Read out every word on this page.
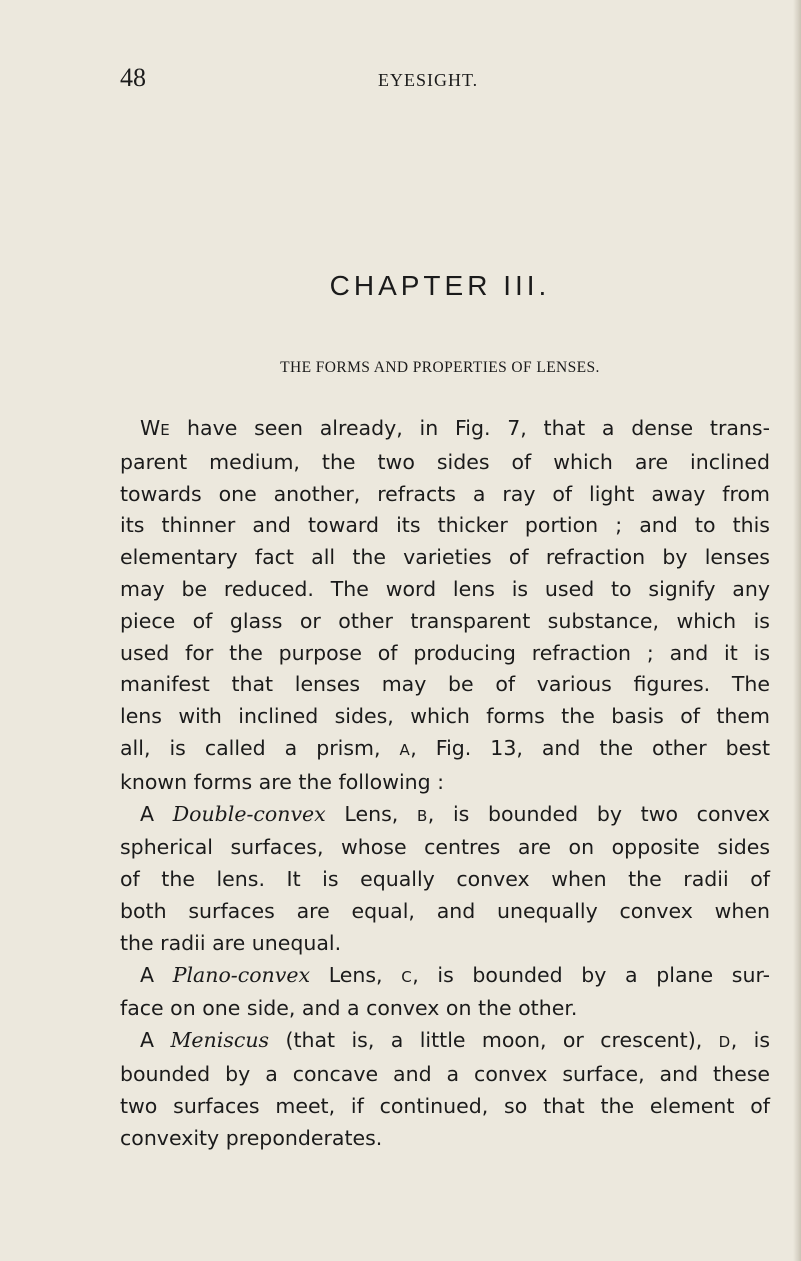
48	EYESIGHT.
CHAPTER III.
THE FORMS AND PROPERTIES OF LENSES.
WE have seen already, in Fig. 7, that a dense trans-
parent medium, the two sides of which are inclined
towards one another, refracts a ray of light away from
its thinner and toward its thicker portion ; and to this
elementary fact all the varieties of refraction by lenses
may be reduced. The word lens is used to signify any
piece of glass or other transparent substance, which is
used for the purpose of producing refraction ; and it is
manifest that lenses may be of various figures. The
lens with inclined sides, which forms the basis of them
all, is called a prism, A, Fig. 13, and the other best
known forms are the following :
A Double-convex Lens, B, is bounded by two convex
spherical surfaces, whose centres are on opposite sides
of the lens. It is equally convex when the radii of
both surfaces are equal, and unequally convex when
the radii are unequal.
A Plano-convex Lens, C, is bounded by a plane sur-
face on one side, and a convex on the other.
A Meniscus (that is, a little moon, or crescent), D, is
bounded by a concave and a convex surface, and these
two surfaces meet, if continued, so that the element of
convexity preponderates.
